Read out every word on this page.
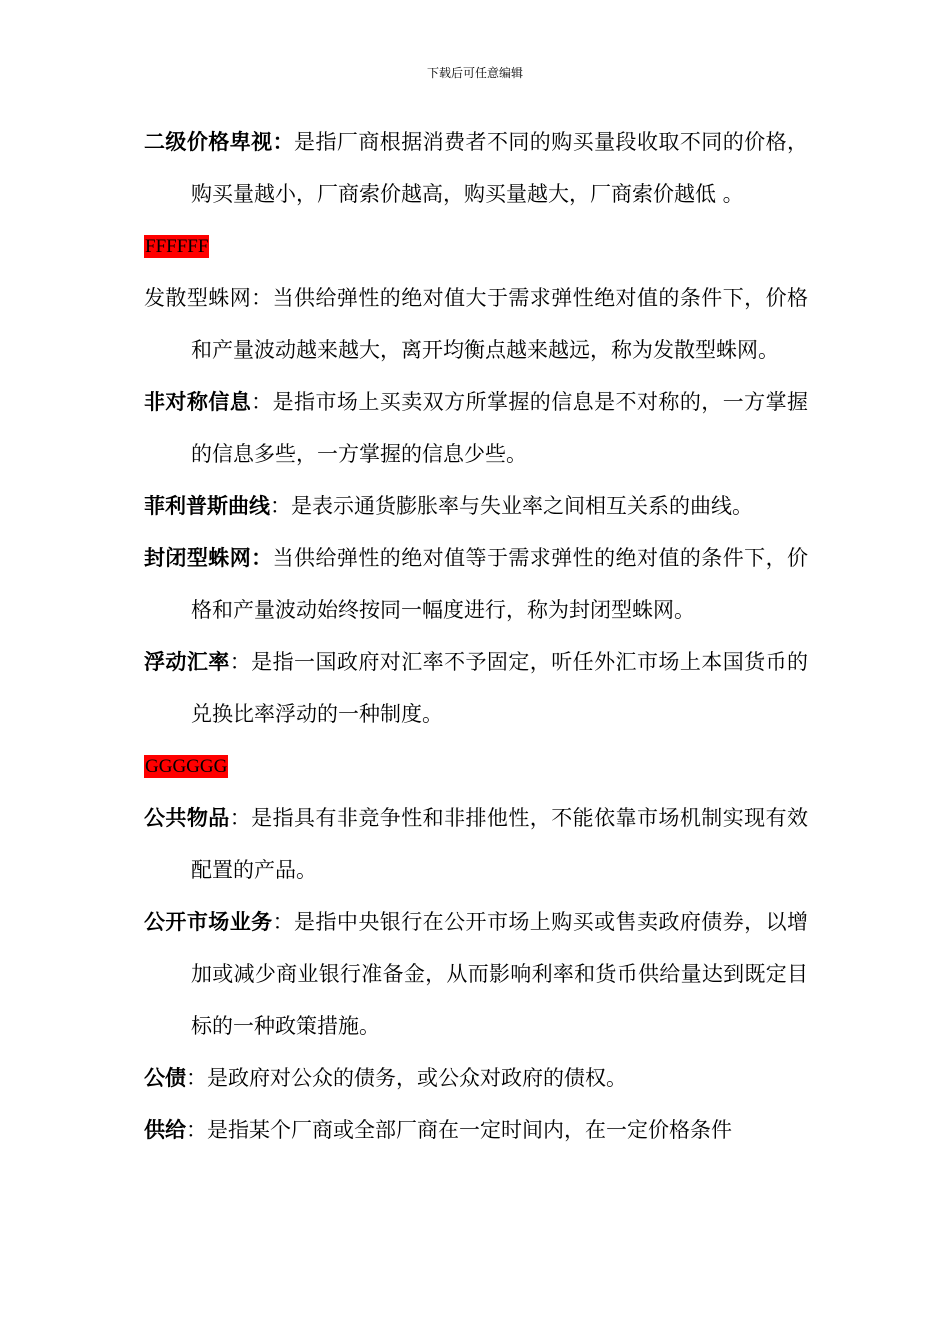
下载后可任意编辑

二级价格卑视：是指厂商根据消费者不同的购买量段收取不同的价格，购买量越小，厂商索价越高，购买量越大，厂商索价越低 。

FFFFFF

发散型蛛网：当供给弹性的绝对值大于需求弹性绝对值的条件下，价格和产量波动越来越大，离开均衡点越来越远，称为发散型蛛网。

非对称信息：是指市场上买卖双方所掌握的信息是不对称的，一方掌握的信息多些，一方掌握的信息少些。

菲利普斯曲线：是表示通货膨胀率与失业率之间相互关系的曲线。

封闭型蛛网：当供给弹性的绝对值等于需求弹性的绝对值的条件下，价格和产量波动始终按同一幅度进行，称为封闭型蛛网。

浮动汇率：是指一国政府对汇率不予固定，听任外汇市场上本国货币的兑换比率浮动的一种制度。

GGGGGG

公共物品：是指具有非竞争性和非排他性，不能依靠市场机制实现有效配置的产品。

公开市场业务：是指中央银行在公开市场上购买或售卖政府债券，以增加或减少商业银行准备金，从而影响利率和货币供给量达到既定目标的一种政策措施。

公债：是政府对公众的债务，或公众对政府的债权。

供给：是指某个厂商或全部厂商在一定时间内，在一定价格条件
